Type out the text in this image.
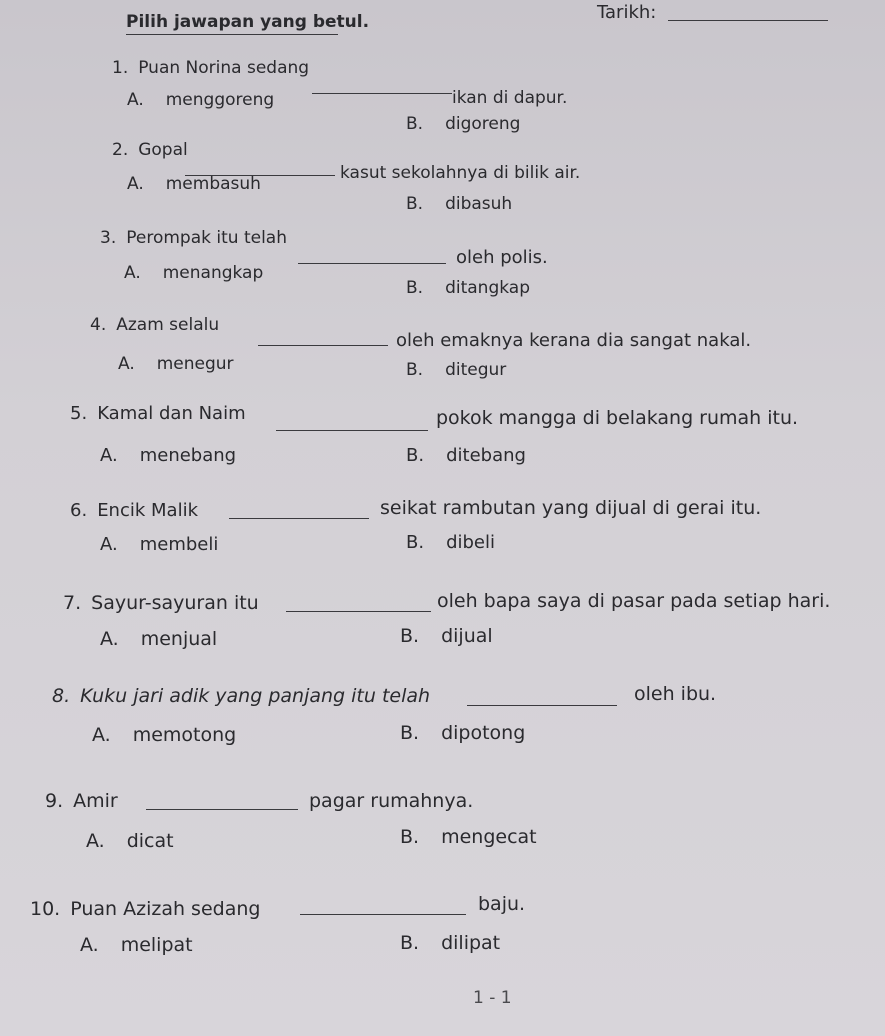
Tarikh:
Pilih jawapan yang betul.
1. Puan Norina sedang
ikan di dapur.
A. menggoreng
B. digoreng
2. Gopal
kasut sekolahnya di bilik air.
A. membasuh
B. dibasuh
3. Perompak itu telah
oleh polis.
A. menangkap
B. ditangkap
4. Azam selalu
oleh emaknya kerana dia sangat nakal.
A. menegur	B. ditegur
5. Kamal dan Naim	pokok mangga di belakang rumah itu.
A. menebang	B. ditebang
6. Encik Malik	seikat rambutan yang dijual di gerai itu.
A. membeli	B. dibeli
7. Sayur-sayuran itu	oleh bapa saya di pasar pada setiap hari.
A. menjual	B. dijual
8. Kuku jari adik yang panjang itu telah	oleh ibu.
A. memotong	B. dipotong
9. Amir	pagar rumahnya.
A. dicat	B. mengecat
10. Puan Azizah sedang	baju.
A. melipat	B. dilipat
1 - 1
